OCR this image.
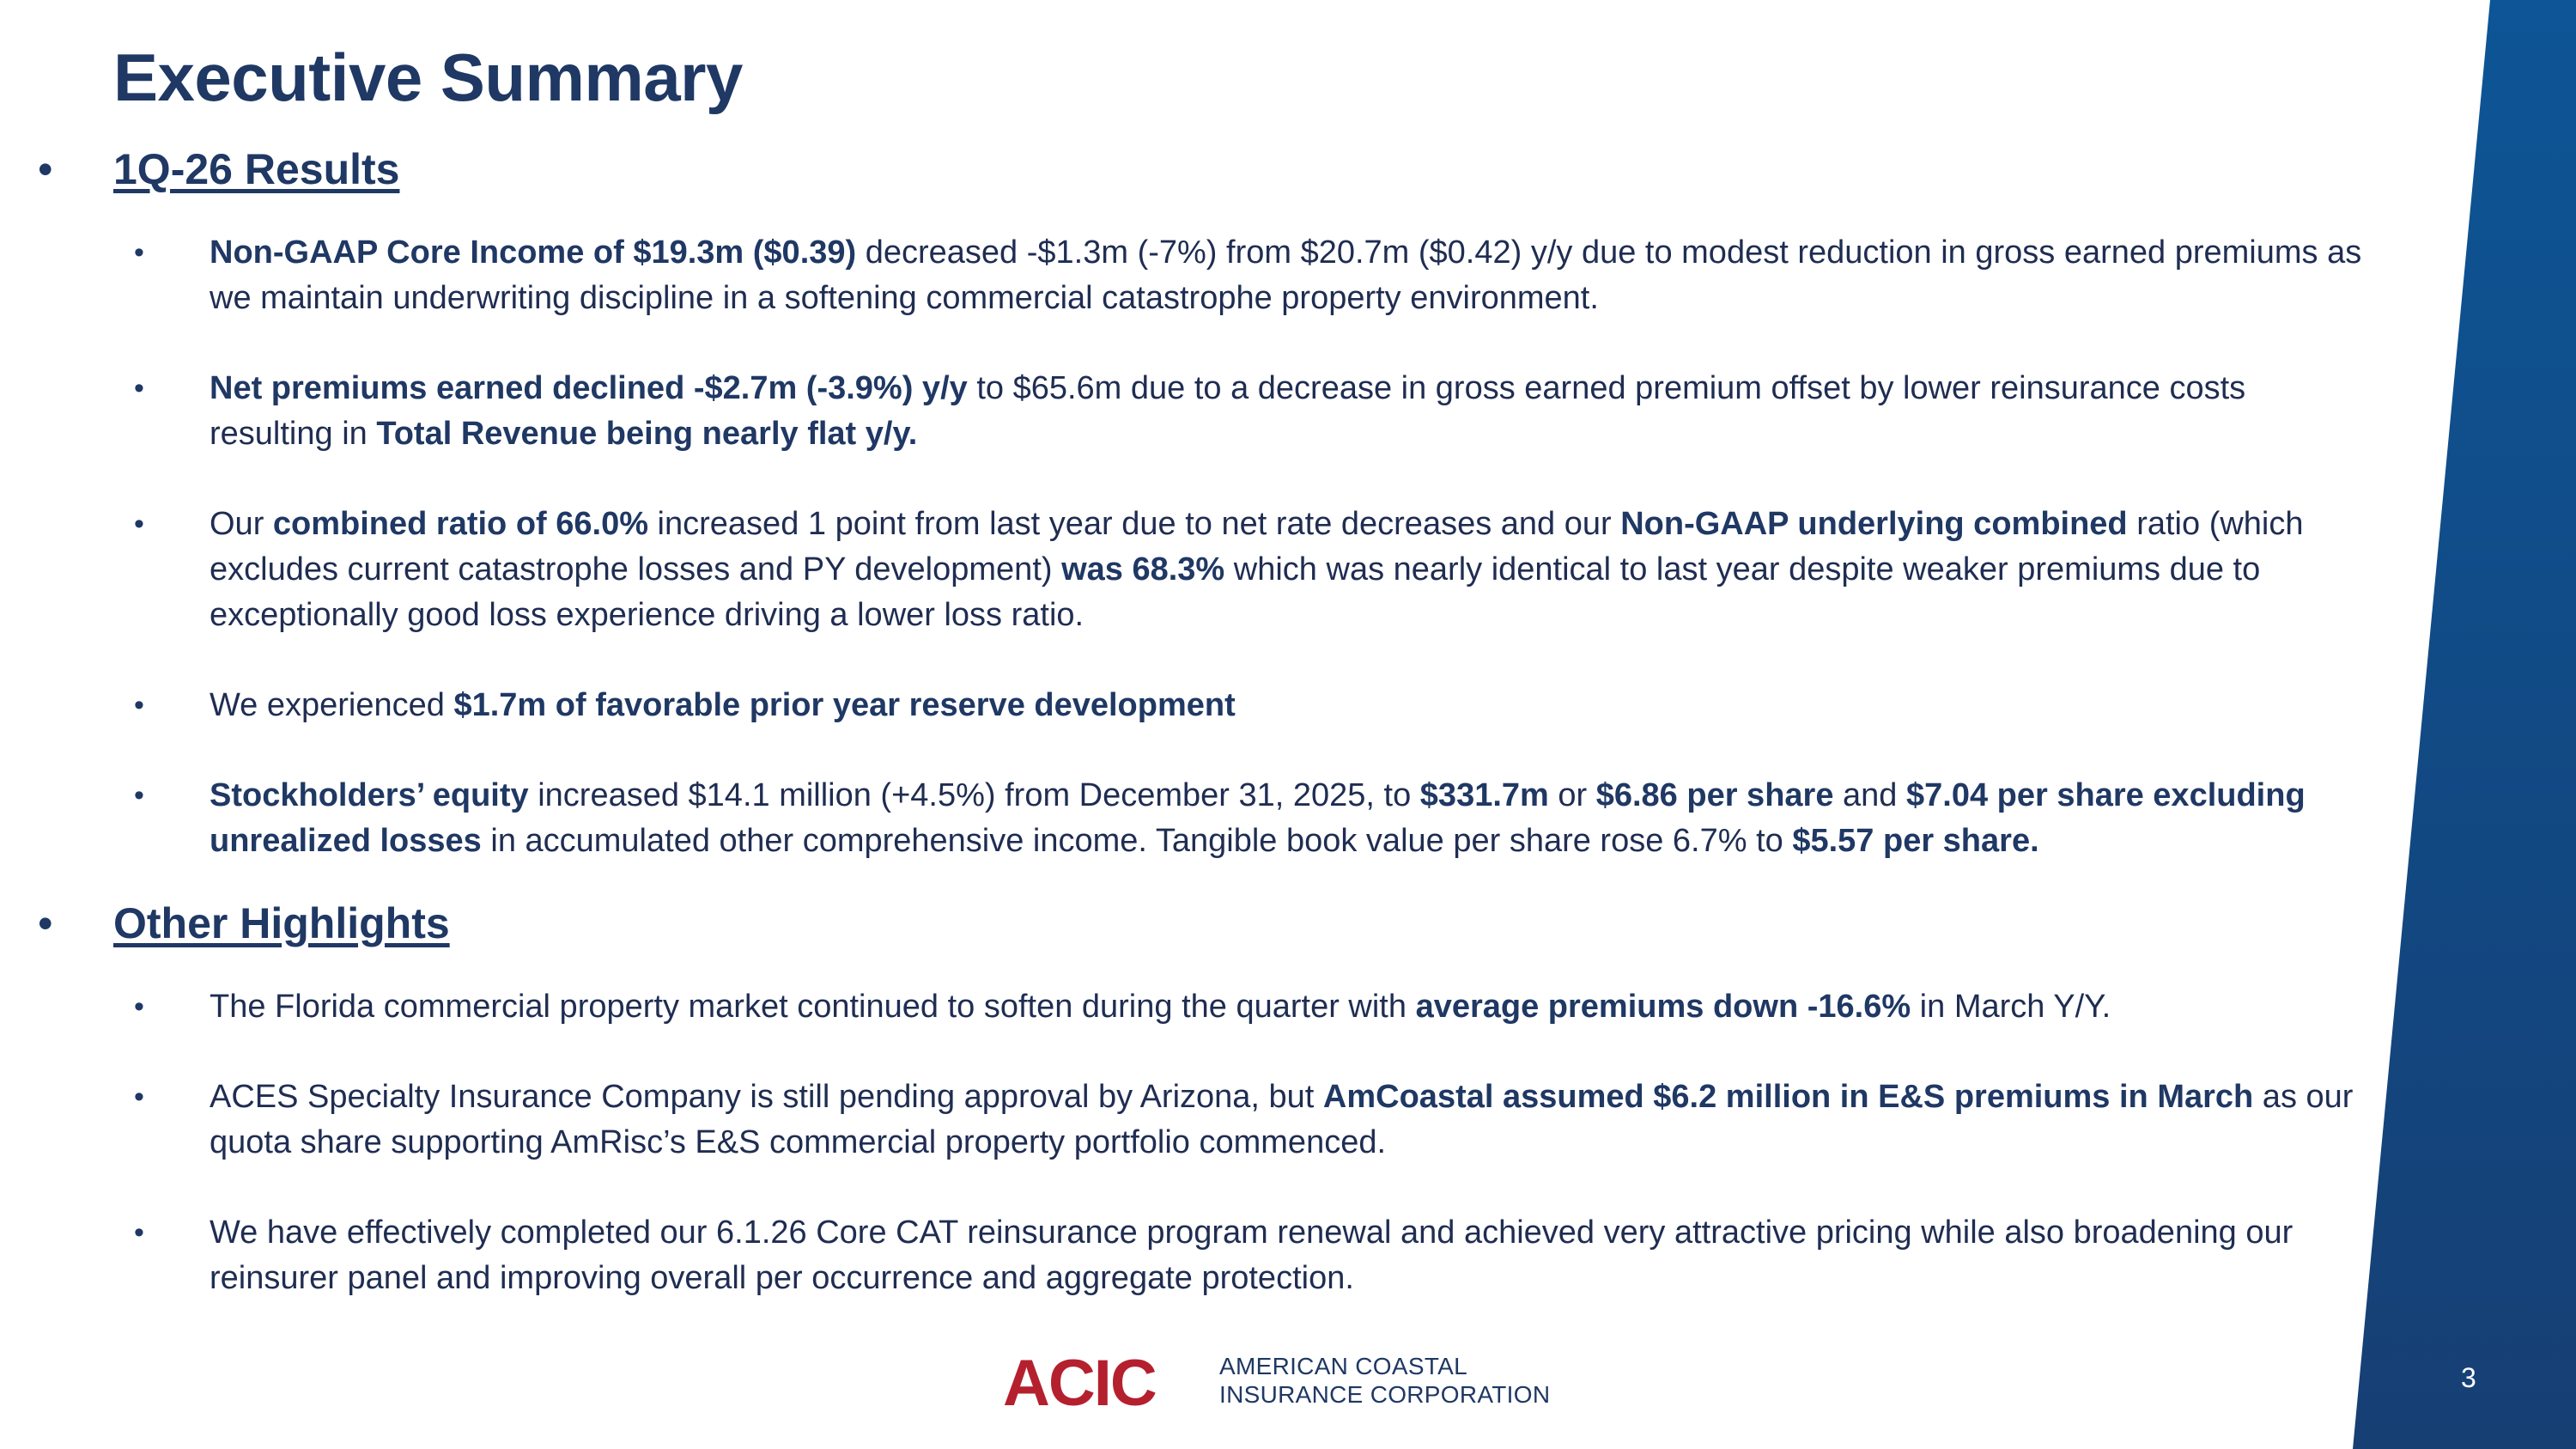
Executive Summary
• 1Q-26 Results
• Non-GAAP Core Income of $19.3m ($0.39) decreased -$1.3m (-7%) from $20.7m ($0.42) y/y due to modest reduction in gross earned premiums as we maintain underwriting discipline in a softening commercial catastrophe property environment.
• Net premiums earned declined -$2.7m (-3.9%) y/y to $65.6m due to a decrease in gross earned premium offset by lower reinsurance costs resulting in Total Revenue being nearly flat y/y.
• Our combined ratio of 66.0% increased 1 point from last year due to net rate decreases and our Non-GAAP underlying combined ratio (which excludes current catastrophe losses and PY development) was 68.3% which was nearly identical to last year despite weaker premiums due to exceptionally good loss experience driving a lower loss ratio.
• We experienced $1.7m of favorable prior year reserve development
• Stockholders’ equity increased $14.1 million (+4.5%) from December 31, 2025, to $331.7m or $6.86 per share and $7.04 per share excluding unrealized losses in accumulated other comprehensive income. Tangible book value per share rose 6.7% to $5.57 per share.
• Other Highlights
• The Florida commercial property market continued to soften during the quarter with average premiums down -16.6% in March Y/Y.
• ACES Specialty Insurance Company is still pending approval by Arizona, but AmCoastal assumed $6.2 million in E&S premiums in March as our quota share supporting AmRisc’s E&S commercial property portfolio commenced.
• We have effectively completed our 6.1.26 Core CAT reinsurance program renewal and achieved very attractive pricing while also broadening our reinsurer panel and improving overall per occurrence and aggregate protection.
ACIC	AMERICAN COASTAL
INSURANCE CORPORATION
3
